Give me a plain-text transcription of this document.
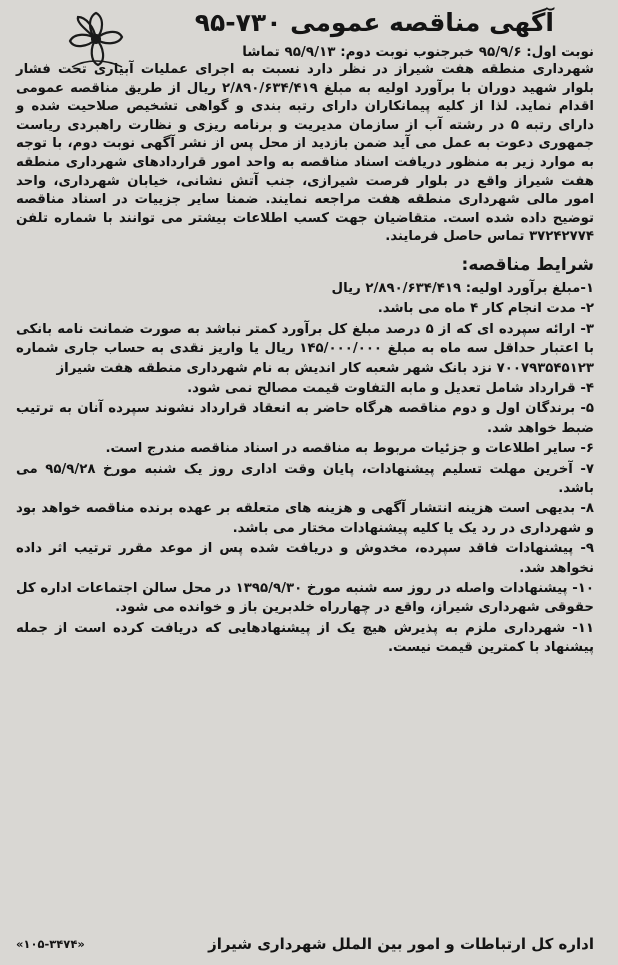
آگهی مناقصه عمومی ۷۳۰-۹۵
نوبت اول: ۹۵/۹/۶ خبرجنوب نوبت دوم: ۹۵/۹/۱۳ تماشا

شهرداری منطقه هفت شیراز در نظر دارد نسبت به اجرای عملیات آبیاری تحت فشار بلوار شهید دوران با برآورد اولیه به مبلغ ۲/۸۹۰/۶۳۴/۴۱۹ ریال از طریق مناقصه عمومی اقدام نماید. لذا از کلیه پیمانکاران دارای رتبه بندی و گواهی تشخیص صلاحیت شده و دارای رتبه ۵ در رشته آب از سازمان مدیریت و برنامه ریزی و نظارت راهبردی ریاست جمهوری دعوت به عمل می آید ضمن بازدید از محل پس از نشر آگهی نوبت دوم، با توجه به موارد زیر به منظور دریافت اسناد مناقصه به واحد امور قراردادهای شهرداری منطقه هفت شیراز واقع در بلوار فرصت شیرازی، جنب آتش نشانی، خیابان شهرداری، واحد امور مالی شهرداری منطقه هفت مراجعه نمایند. ضمنا سایر جزییات در اسناد مناقصه توضیح داده شده است. متقاضیان جهت کسب اطلاعات بیشتر می توانند با شماره تلفن ۳۷۲۴۲۷۷۴ تماس حاصل فرمایند.

شرایط مناقصه:
۱-مبلغ برآورد اولیه: ۲/۸۹۰/۶۳۴/۴۱۹ ریال
۲- مدت انجام کار ۴ ماه می باشد.
۳- ارائه سپرده ای که از ۵ درصد مبلغ کل برآورد کمتر نباشد به صورت ضمانت نامه بانکی با اعتبار حداقل سه ماه به مبلغ ۱۴۵/۰۰۰/۰۰۰ ریال یا واریز نقدی به حساب جاری شماره ۷۰۰۷۹۳۵۴۵۱۲۳ نزد بانک شهر شعبه کار اندیش به نام شهرداری منطقه هفت شیراز
۴- قرارداد شامل تعدیل و مابه التفاوت قیمت مصالح نمی شود.
۵- برندگان اول و دوم مناقصه هرگاه حاضر به انعقاد قرارداد نشوند سپرده آنان به ترتیب ضبط خواهد شد.
۶- سایر اطلاعات و جزئیات مربوط به مناقصه در اسناد مناقصه مندرج است.
۷- آخرین مهلت تسلیم پیشنهادات، پایان وقت اداری روز یک شنبه مورخ ۹۵/۹/۲۸ می باشد.
۸- بدیهی است هزینه انتشار آگهی و هزینه های متعلقه بر عهده برنده مناقصه خواهد بود و شهرداری در رد یک یا کلیه پیشنهادات مختار می باشد.
۹- پیشنهادات فاقد سپرده، مخدوش و دریافت شده پس از موعد مقرر ترتیب اثر داده نخواهد شد.
۱۰- پیشنهادات واصله در روز سه شنبه مورخ ۱۳۹۵/۹/۳۰ در محل سالن اجتماعات اداره کل حقوقی شهرداری شیراز، واقع در چهارراه خلدبرین باز و خوانده می شود.
۱۱- شهرداری ملزم به پذیرش هیچ یک از پیشنهادهایی که دریافت کرده است از جمله پیشنهاد با کمترین قیمت نیست.
اداره کل ارتباطات و امور بین الملل شهرداری شیراز
«۱۰۵-۳۴۷۴»
